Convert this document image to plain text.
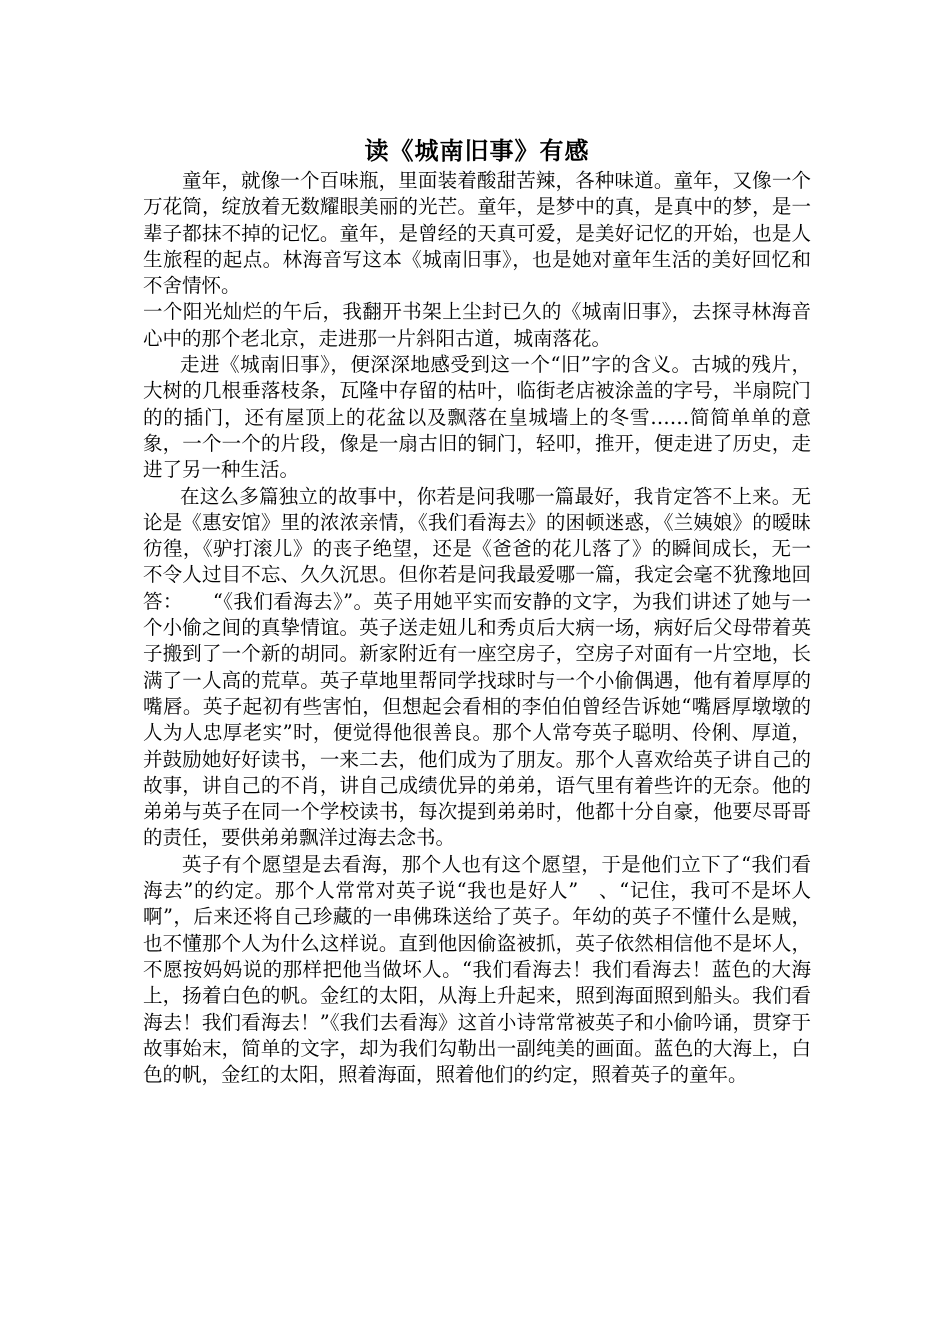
读《城南旧事》有感

童年，就像一个百味瓶，里面装着酸甜苦辣，各种味道。童年，又像一个万花筒，绽放着无数耀眼美丽的光芒。童年，是梦中的真，是真中的梦，是一辈子都抹不掉的记忆。童年，是曾经的天真可爱，是美好记忆的开始，也是人生旅程的起点。林海音写这本《城南旧事》，也是她对童年生活的美好回忆和不舍情怀。

一个阳光灿烂的午后，我翻开书架上尘封已久的《城南旧事》，去探寻林海音心中的那个老北京，走进那一片斜阳古道，城南落花。

走进《城南旧事》，便深深地感受到这一个“旧”字的含义。古城的残片，大树的几根垂落枝条，瓦隆中存留的枯叶，临街老店被涂盖的字号，半扇院门的的插门，还有屋顶上的花盆以及飘落在皇城墙上的冬雪……简简单单的意象，一个一个的片段，像是一扇古旧的铜门，轻叩，推开，便走进了历史，走进了另一种生活。

在这么多篇独立的故事中，你若是问我哪一篇最好，我肯定答不上来。无论是《惠安馆》里的浓浓亲情，《我们看海去》的困顿迷惑，《兰姨娘》的暧昧彷徨，《驴打滚儿》的丧子绝望，还是《爸爸的花儿落了》的瞬间成长，无一不令人过目不忘、久久沉思。但你若是问我最爱哪一篇，我定会毫不犹豫地回答：　　“《我们看海去》”。英子用她平实而安静的文字，为我们讲述了她与一个小偷之间的真挚情谊。英子送走妞儿和秀贞后大病一场，病好后父母带着英子搬到了一个新的胡同。新家附近有一座空房子，空房子对面有一片空地，长满了一人高的荒草。英子草地里帮同学找球时与一个小偷偶遇，他有着厚厚的嘴唇。英子起初有些害怕，但想起会看相的李伯伯曾经告诉她“嘴唇厚墩墩的人为人忠厚老实”时，便觉得他很善良。那个人常夸英子聪明、伶俐、厚道，并鼓励她好好读书，一来二去，他们成为了朋友。那个人喜欢给英子讲自己的故事，讲自己的不肖，讲自己成绩优异的弟弟，语气里有着些许的无奈。他的弟弟与英子在同一个学校读书，每次提到弟弟时，他都十分自豪，他要尽哥哥的责任，要供弟弟飘洋过海去念书。

英子有个愿望是去看海，那个人也有这个愿望，于是他们立下了“我们看海去”的约定。那个人常常对英子说“我也是好人”　、“记住，我可不是坏人啊”，后来还将自己珍藏的一串佛珠送给了英子。年幼的英子不懂什么是贼，也不懂那个人为什么这样说。直到他因偷盗被抓，英子依然相信他不是坏人，不愿按妈妈说的那样把他当做坏人。“我们看海去！我们看海去！蓝色的大海上，扬着白色的帆。金红的太阳，从海上升起来，照到海面照到船头。我们看海去！我们看海去！”《我们去看海》这首小诗常常被英子和小偷吟诵，贯穿于故事始末，简单的文字，却为我们勾勒出一副纯美的画面。蓝色的大海上，白色的帆，金红的太阳，照着海面，照着他们的约定，照着英子的童年。
